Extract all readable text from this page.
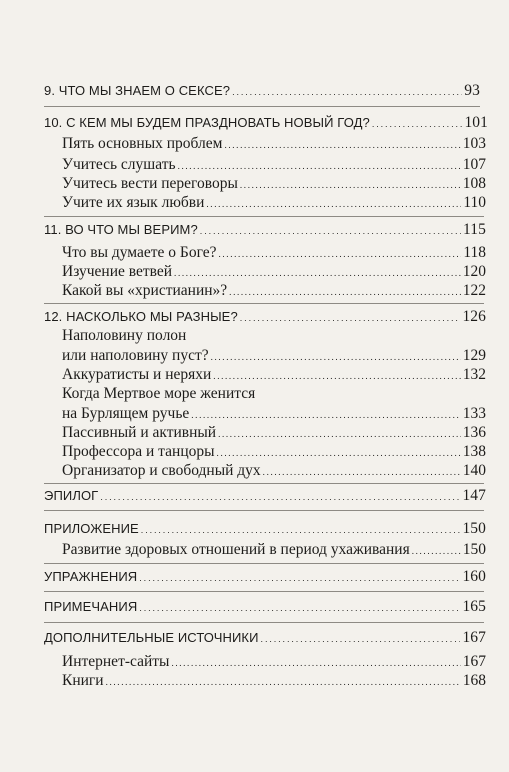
9. ЧТО МЫ ЗНАЕМ О СЕКСЕ? . . .	93
10. С КЕМ МЫ БУДЕМ ПРАЗДНОВАТЬ НОВЫЙ ГОД? . . .	101
Пять основных проблем . . .	103
Учитесь слушать . . .	107
Учитесь вести переговоры . . .	108
Учите их язык любви . . .	110
11. ВО ЧТО МЫ ВЕРИМ? . . .	115
Что вы думаете о Боге? . . .	118
Изучение ветвей . . .	120
Какой вы «христианин»? . . .	122
12. НАСКОЛЬКО МЫ РАЗНЫЕ? . . .	126
Наполовину полон
или наполовину пуст? . . .	129
Аккуратисты и неряхи . . .	132
Когда Мертвое море женится
на Бурлящем ручье . . .	133
Пассивный и активный . . .	136
Профессора и танцоры . . .	138
Организатор и свободный дух . . .	140
ЭПИЛОГ . . .	147
ПРИЛОЖЕНИЕ . . .	150
Развитие здоровых отношений в период ухаживания . . .	150
УПРАЖНЕНИЯ . . .	160
ПРИМЕЧАНИЯ . . .	165
ДОПОЛНИТЕЛЬНЫЕ ИСТОЧНИКИ . . .	167
Интернет-сайты . . .	167
Книги . . .	168
